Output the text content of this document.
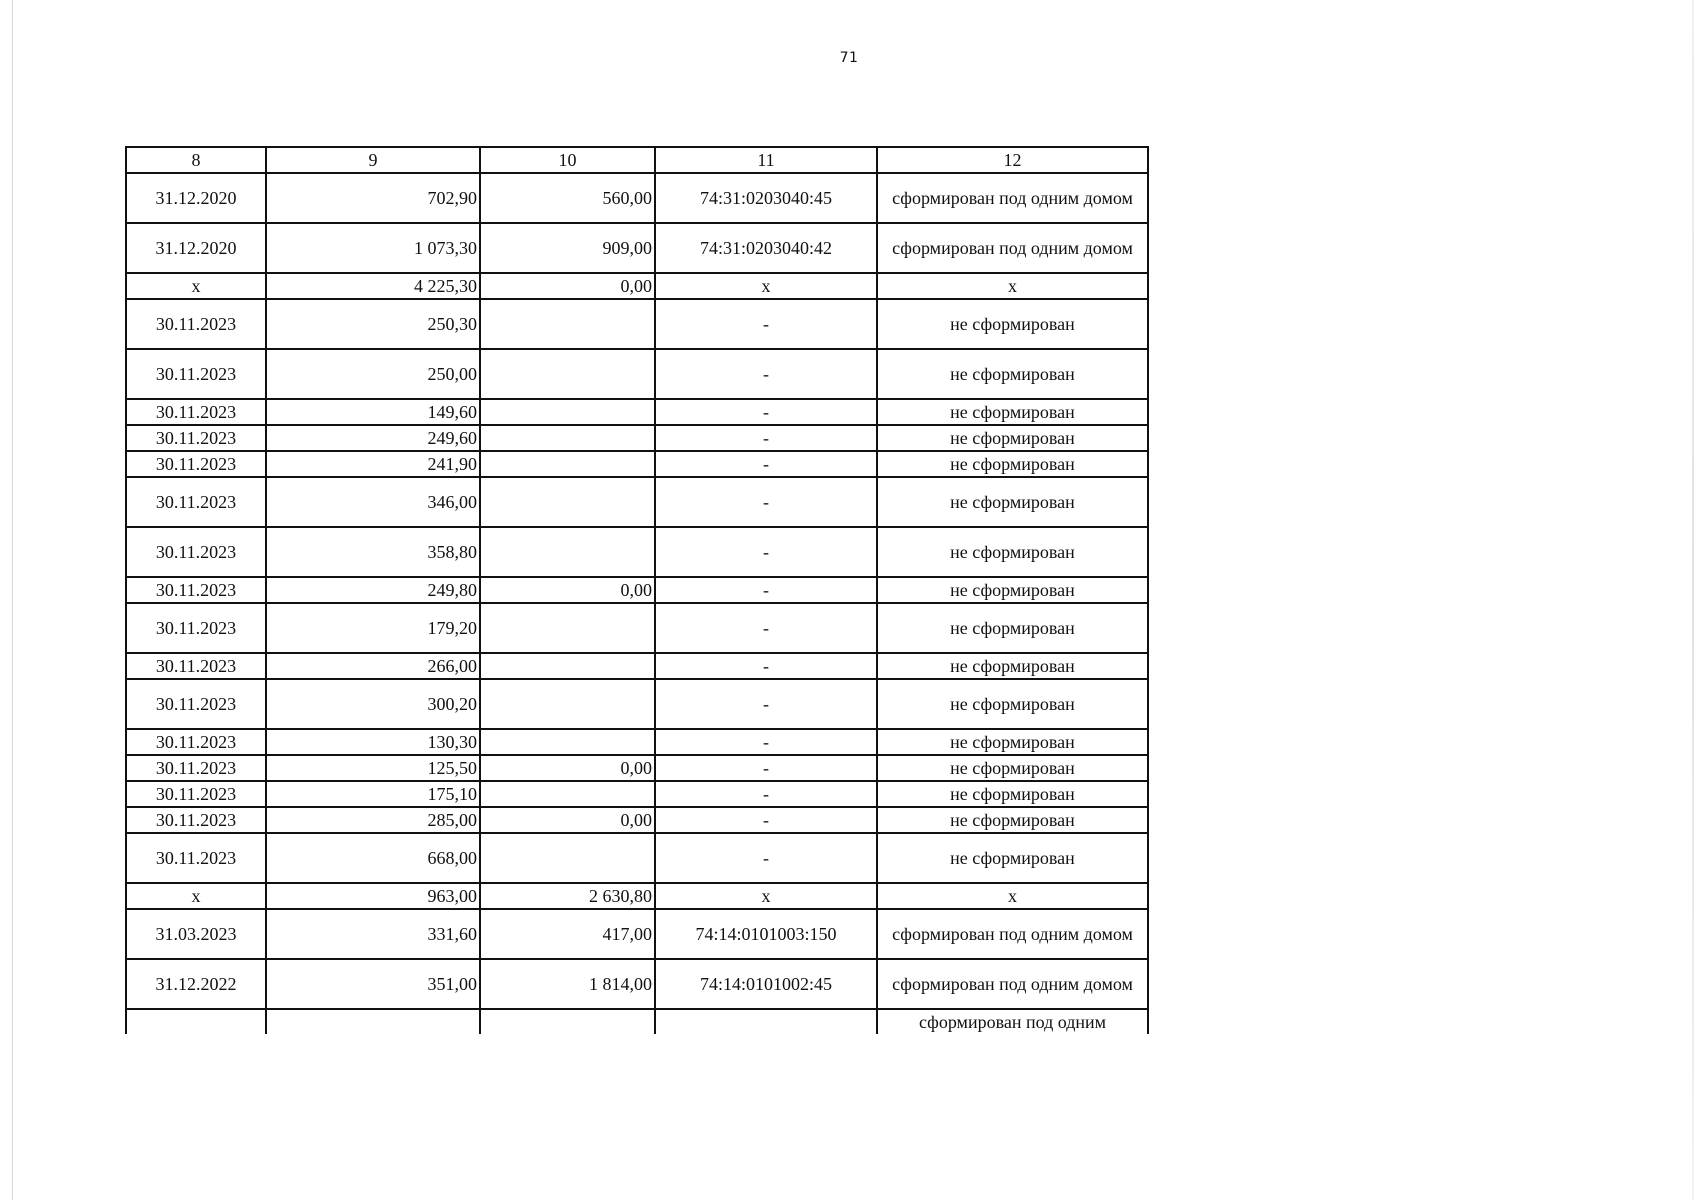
71
8	9	10	11	12
31.12.2020	702,90	560,00	74:31:0203040:45	сформирован под одним домом
31.12.2020	1 073,30	909,00	74:31:0203040:42	сформирован под одним домом
х	4 225,30	0,00	х	х
30.11.2023	250,30		-	не сформирован
30.11.2023	250,00		-	не сформирован
30.11.2023	149,60		-	не сформирован
30.11.2023	249,60		-	не сформирован
30.11.2023	241,90		-	не сформирован
30.11.2023	346,00		-	не сформирован
30.11.2023	358,80		-	не сформирован
30.11.2023	249,80	0,00	-	не сформирован
30.11.2023	179,20		-	не сформирован
30.11.2023	266,00		-	не сформирован
30.11.2023	300,20		-	не сформирован
30.11.2023	130,30		-	не сформирован
30.11.2023	125,50	0,00	-	не сформирован
30.11.2023	175,10		-	не сформирован
30.11.2023	285,00	0,00	-	не сформирован
30.11.2023	668,00		-	не сформирован
х	963,00	2 630,80	х	х
31.03.2023	331,60	417,00	74:14:0101003:150	сформирован под одним домом
31.12.2022	351,00	1 814,00	74:14:0101002:45	сформирован под одним домом
				сформирован под одним
